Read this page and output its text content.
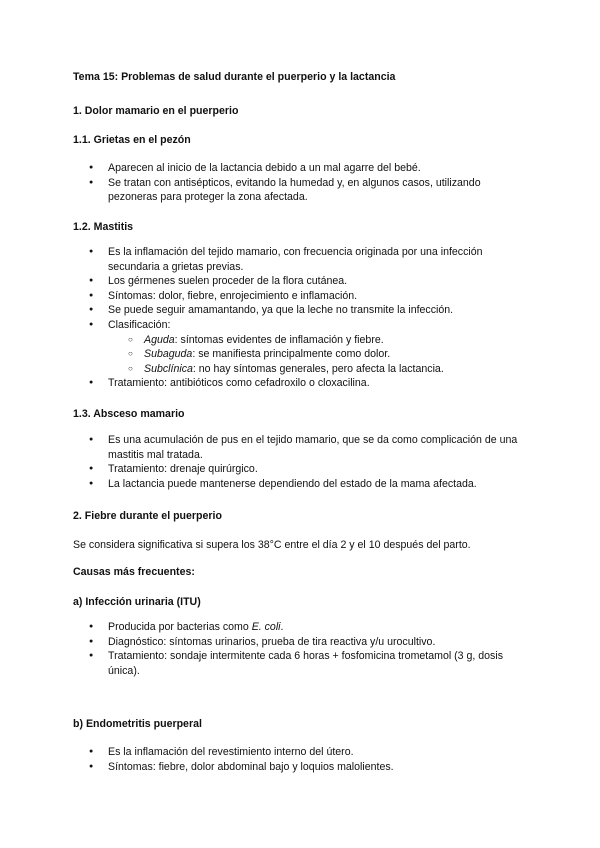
Tema 15: Problemas de salud durante el puerperio y la lactancia
1. Dolor mamario en el puerperio
1.1. Grietas en el pezón
● Aparecen al inicio de la lactancia debido a un mal agarre del bebé.
● Se tratan con antisépticos, evitando la humedad y, en algunos casos, utilizando pezoneras para proteger la zona afectada.
1.2. Mastitis
● Es la inflamación del tejido mamario, con frecuencia originada por una infección secundaria a grietas previas.
● Los gérmenes suelen proceder de la flora cutánea.
● Síntomas: dolor, fiebre, enrojecimiento e inflamación.
● Se puede seguir amamantando, ya que la leche no transmite la infección.
● Clasificación:
○ Aguda: síntomas evidentes de inflamación y fiebre.
○ Subaguda: se manifiesta principalmente como dolor.
○ Subclínica: no hay síntomas generales, pero afecta la lactancia.
● Tratamiento: antibióticos como cefadroxilo o cloxacilina.
1.3. Absceso mamario
● Es una acumulación de pus en el tejido mamario, que se da como complicación de una mastitis mal tratada.
● Tratamiento: drenaje quirúrgico.
● La lactancia puede mantenerse dependiendo del estado de la mama afectada.
2. Fiebre durante el puerperio
Se considera significativa si supera los 38°C entre el día 2 y el 10 después del parto.
Causas más frecuentes:
a) Infección urinaria (ITU)
● Producida por bacterias como E. coli.
● Diagnóstico: síntomas urinarios, prueba de tira reactiva y/u urocultivo.
● Tratamiento: sondaje intermitente cada 6 horas + fosfomicina trometamol (3 g, dosis única).
b) Endometritis puerperal
● Es la inflamación del revestimiento interno del útero.
● Síntomas: fiebre, dolor abdominal bajo y loquios malolientes.
